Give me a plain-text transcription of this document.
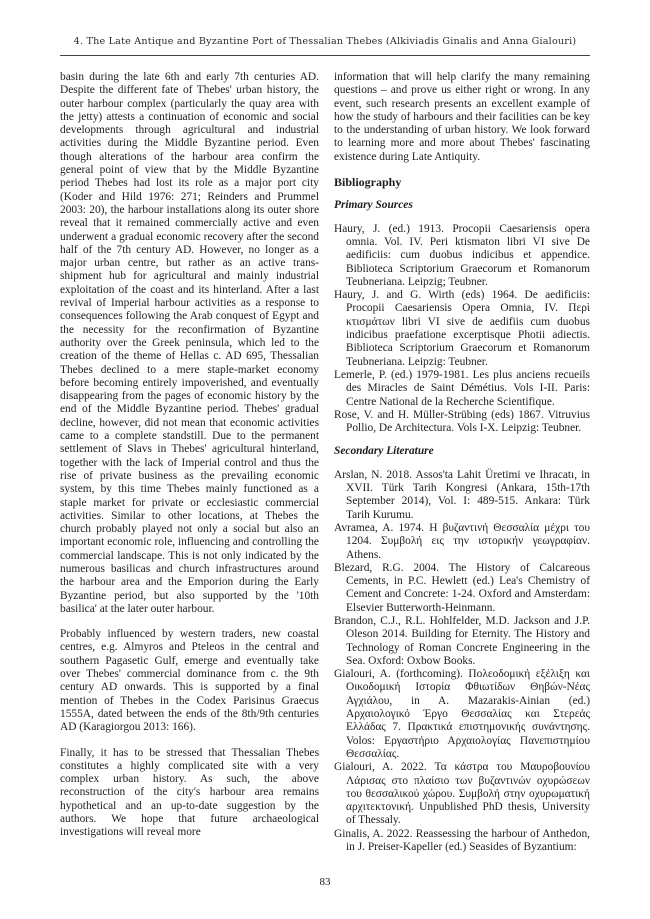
4. The Late Antique and Byzantine Port of Thessalian Thebes (Alkiviadis Ginalis and Anna Gialouri)

basin during the late 6th and early 7th centuries AD. Despite the different fate of Thebes' urban history, the outer harbour complex (particularly the quay area with the jetty) attests a continuation of economic and social developments through agricultural and industrial activities during the Middle Byzantine period. Even though alterations of the harbour area confirm the general point of view that by the Middle Byzantine period Thebes had lost its role as a major port city (Koder and Hild 1976: 271; Reinders and Prummel 2003: 20), the harbour installations along its outer shore reveal that it remained commercially active and even underwent a gradual economic recovery after the second half of the 7th century AD. However, no longer as a major urban centre, but rather as an active trans-shipment hub for agricultural and mainly industrial exploitation of the coast and its hinterland. After a last revival of Imperial harbour activities as a response to consequences following the Arab conquest of Egypt and the necessity for the reconfirmation of Byzantine authority over the Greek peninsula, which led to the creation of the theme of Hellas c. AD 695, Thessalian Thebes declined to a mere staple-market economy before becoming entirely impoverished, and eventually disappearing from the pages of economic history by the end of the Middle Byzantine period. Thebes' gradual decline, however, did not mean that economic activities came to a complete standstill. Due to the permanent settlement of Slavs in Thebes' agricultural hinterland, together with the lack of Imperial control and thus the rise of private business as the prevailing economic system, by this time Thebes mainly functioned as a staple market for private or ecclesiastic commercial activities. Similar to other locations, at Thebes the church probably played not only a social but also an important economic role, influencing and controlling the commercial landscape. This is not only indicated by the numerous basilicas and church infrastructures around the harbour area and the Emporion during the Early Byzantine period, but also supported by the '10th basilica' at the later outer harbour.

Probably influenced by western traders, new coastal centres, e.g. Almyros and Pteleos in the central and southern Pagasetic Gulf, emerge and eventually take over Thebes' commercial dominance from c. the 9th century AD onwards. This is supported by a final mention of Thebes in the Codex Parisinus Graecus 1555A, dated between the ends of the 8th/9th centuries AD (Karagiorgou 2013: 166).

Finally, it has to be stressed that Thessalian Thebes constitutes a highly complicated site with a very complex urban history. As such, the above reconstruction of the city's harbour area remains hypothetical and an up-to-date suggestion by the authors. We hope that future archaeological investigations will reveal more

information that will help clarify the many remaining questions – and prove us either right or wrong. In any event, such research presents an excellent example of how the study of harbours and their facilities can be key to the understanding of urban history. We look forward to learning more and more about Thebes' fascinating existence during Late Antiquity.

Bibliography
Primary Sources
Haury, J. (ed.) 1913. Procopii Caesariensis opera omnia. Vol. IV. Peri ktismaton libri VI sive De aedificiis: cum duobus indicibus et appendice. Biblioteca Scriptorium Graecorum et Romanorum Teubneriana. Leipzig; Teubner.
Haury, J. and G. Wirth (eds) 1964. De aedificiis: Procopii Caesariensis Opera Omnia, IV. Περὶ κτισμάτων libri VI sive de aedifiis cum duobus indicibus praefatione excerptisque Photii adiectis. Biblioteca Scriptorium Graecorum et Romanorum Teubneriana. Leipzig: Teubner.
Lemerle, P. (ed.) 1979-1981. Les plus anciens recueils des Miracles de Saint Démétius. Vols I-II. Paris: Centre National de la Recherche Scientifique.
Rose, V. and H. Müller-Strübing (eds) 1867. Vitruvius Pollio, De Architectura. Vols I-X. Leipzig: Teubner.
Secondary Literature
Arslan, N. 2018. Assos'ta Lahit Üretimi ve Ihracatı, in XVII. Türk Tarih Kongresi (Ankara, 15th-17th September 2014), Vol. I: 489-515. Ankara: Türk Tarih Kurumu.
Avramea, A. 1974. Η βυζαντινή Θεσσαλία μέχρι του 1204. Συμβολή εις την ιστορικήν γεωγραφίαν. Athens.
Blezard, R.G. 2004. The History of Calcareous Cements, in P.C. Hewlett (ed.) Lea's Chemistry of Cement and Concrete: 1-24. Oxford and Amsterdam: Elsevier Butterworth-Heinmann.
Brandon, C.J., R.L. Hohlfelder, M.D. Jackson and J.P. Oleson 2014. Building for Eternity. The History and Technology of Roman Concrete Engineering in the Sea. Oxford: Oxbow Books.
Gialouri, A. (forthcoming). Πολεοδομική εξέλιξη και Οικοδομική Ιστορία Φθιωτίδων Θηβών-Νέας Αγχιάλου, in A. Mazarakis-Ainian (ed.) Αρχαιολογικό Έργο Θεσσαλίας και Στερεάς Ελλάδας 7. Πρακτικά επιστημονικής συνάντησης. Volos: Εργαστήριο Αρχαιολογίας Πανεπιστημίου Θεσσαλίας.
Gialouri, A. 2022. Τα κάστρα του Μαυροβουνίου Λάρισας στο πλαίσιο των βυζαντινών οχυρώσεων του θεσσαλικού χώρου. Συμβολή στην οχυρωματική αρχιτεκτονική. Unpublished PhD thesis, University of Thessaly.
Ginalis, A. 2022. Reassessing the harbour of Anthedon, in J. Preiser-Kapeller (ed.) Seasides of Byzantium:
83
